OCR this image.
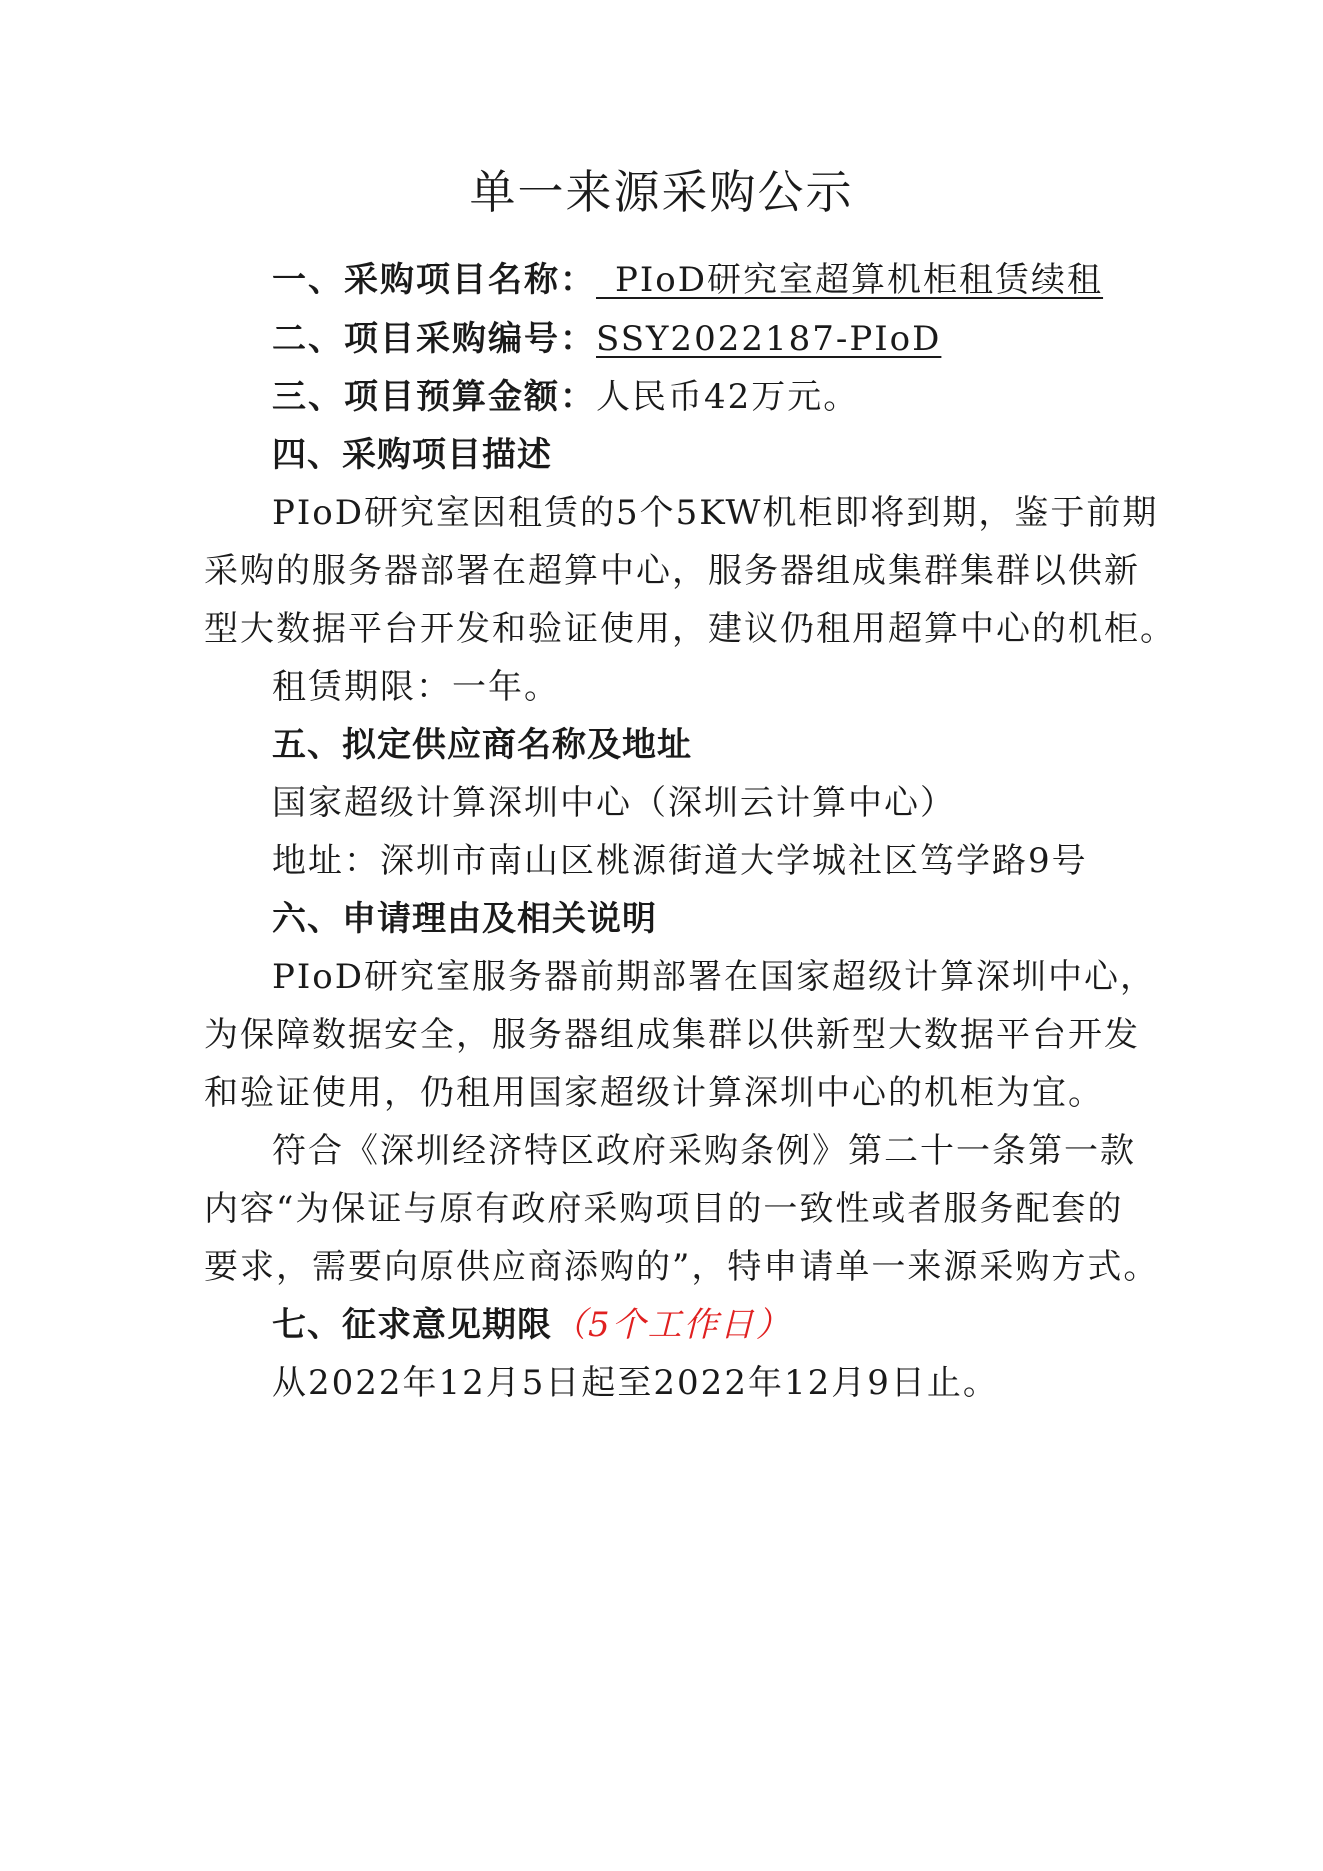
单一来源采购公示
一、采购项目名称：_PIoD研究室超算机柜租赁续租
二、项目采购编号：SSY2022187-PIoD
三、项目预算金额：人民币42万元。
四、采购项目描述
PIoD研究室因租赁的5个5KW机柜即将到期，鉴于前期
采购的服务器部署在超算中心，服务器组成集群集群以供新
型大数据平台开发和验证使用，建议仍租用超算中心的机柜。
租赁期限：一年。
五、拟定供应商名称及地址
国家超级计算深圳中心（深圳云计算中心）
地址：深圳市南山区桃源街道大学城社区笃学路9号
六、申请理由及相关说明
PIoD研究室服务器前期部署在国家超级计算深圳中心，
为保障数据安全，服务器组成集群以供新型大数据平台开发
和验证使用，仍租用国家超级计算深圳中心的机柜为宜。
符合《深圳经济特区政府采购条例》第二十一条第一款
内容“为保证与原有政府采购项目的一致性或者服务配套的
要求，需要向原供应商添购的”，特申请单一来源采购方式。
七、征求意见期限（5个工作日）
从2022年12月5日起至2022年12月9日止。
